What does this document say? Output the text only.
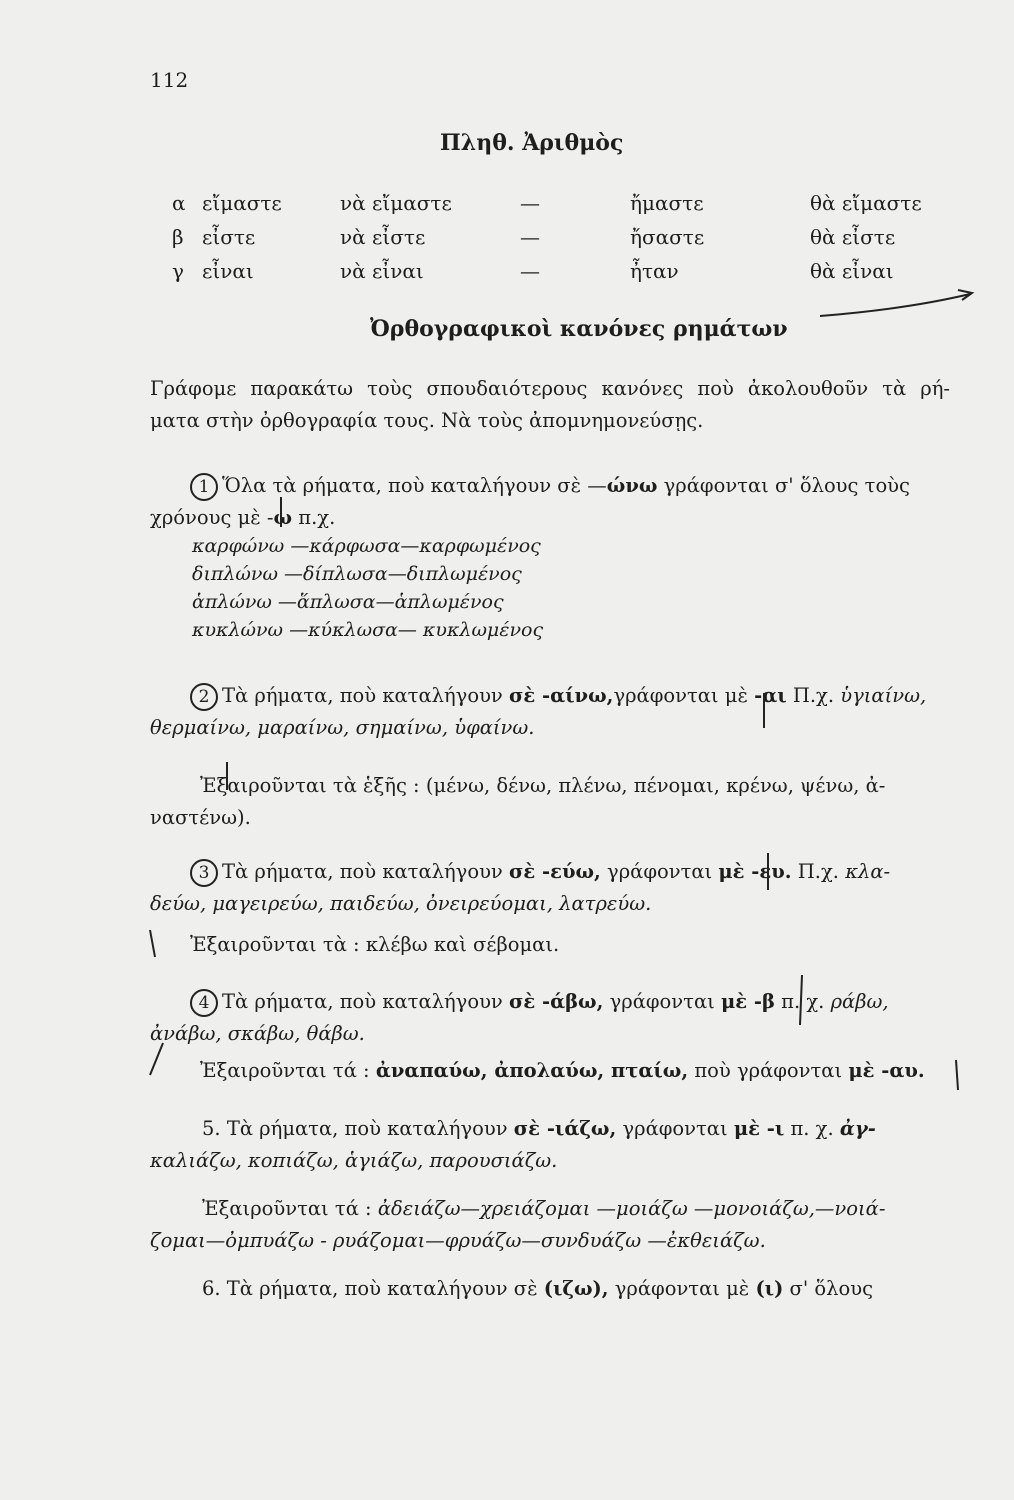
112
Πληθ. Ἀριθμὸς
α	εἴμαστε	νὰ εἴμαστε	—	ἤμαστε	θὰ εἴμαστε
β	εἶστε	νὰ εἶστε	—	ἤσαστε	θὰ εἶστε
γ	εἶναι	νὰ εἶναι	—	ἦταν	θὰ εἶναι
Ὀρθογραφικοὶ κανόνες ρημάτων
Γράφομε παρακάτω τοὺς σπουδαιότερους κανόνες ποὺ ἀκολουθοῦν τὰ ρή-
ματα στὴν ὀρθογραφία τους. Νὰ τοὺς ἀπομνημονεύσῃς.
1 Ὅλα τὰ ρήματα, ποὺ καταλήγουν σὲ —ώνω γράφονται σ' ὅλους τοὺς
χρόνους μὲ -ω π.χ.
καρφώνω —κάρφωσα—καρφωμένος
διπλώνω —δίπλωσα—διπλωμένος
ἁπλώνω —ἅπλωσα—ἁπλωμένος
κυκλώνω —κύκλωσα— κυκλωμένος
2 Τὰ ρήματα, ποὺ καταλήγουν σὲ -αίνω,γράφονται μὲ -αι Π.χ. ὑγιαίνω,
θερμαίνω, μαραίνω, σημαίνω, ὑφαίνω.
Ἐξαιροῦνται τὰ ἑξῆς : (μένω, δένω, πλένω, πένομαι, κρένω, ψένω, ἀ-
ναστένω).
3 Τὰ ρήματα, ποὺ καταλήγουν σὲ -εύω, γράφονται μὲ -ευ. Π.χ. κλα-
δεύω, μαγειρεύω, παιδεύω, ὀνειρεύομαι, λατρεύω.
Ἐξαιροῦνται τὰ : κλέβω καὶ σέβομαι.
4 Τὰ ρήματα, ποὺ καταλήγουν σὲ -άβω, γράφονται μὲ -β π. χ. ράβω,
ἀνάβω, σκάβω, θάβω.
Ἐξαιροῦνται τά : ἀναπαύω, ἀπολαύω, πταίω, ποὺ γράφονται μὲ -αυ.
5. Τὰ ρήματα, ποὺ καταλήγουν σὲ -ιάζω, γράφονται μὲ -ι π. χ. ἀγ-
καλιάζω, κοπιάζω, ἁγιάζω, παρουσιάζω.
Ἐξαιροῦνται τά : ἀδειάζω—χρειάζομαι —μοιάζω —μονοιάζω,—νοιά-
ζομαι—ὀμπυάζω - ρυάζομαι—φρυάζω—συνδυάζω —ἐκθειάζω.
6. Τὰ ρήματα, ποὺ καταλήγουν σὲ (ιζω), γράφονται μὲ (ι) σ' ὅλους
